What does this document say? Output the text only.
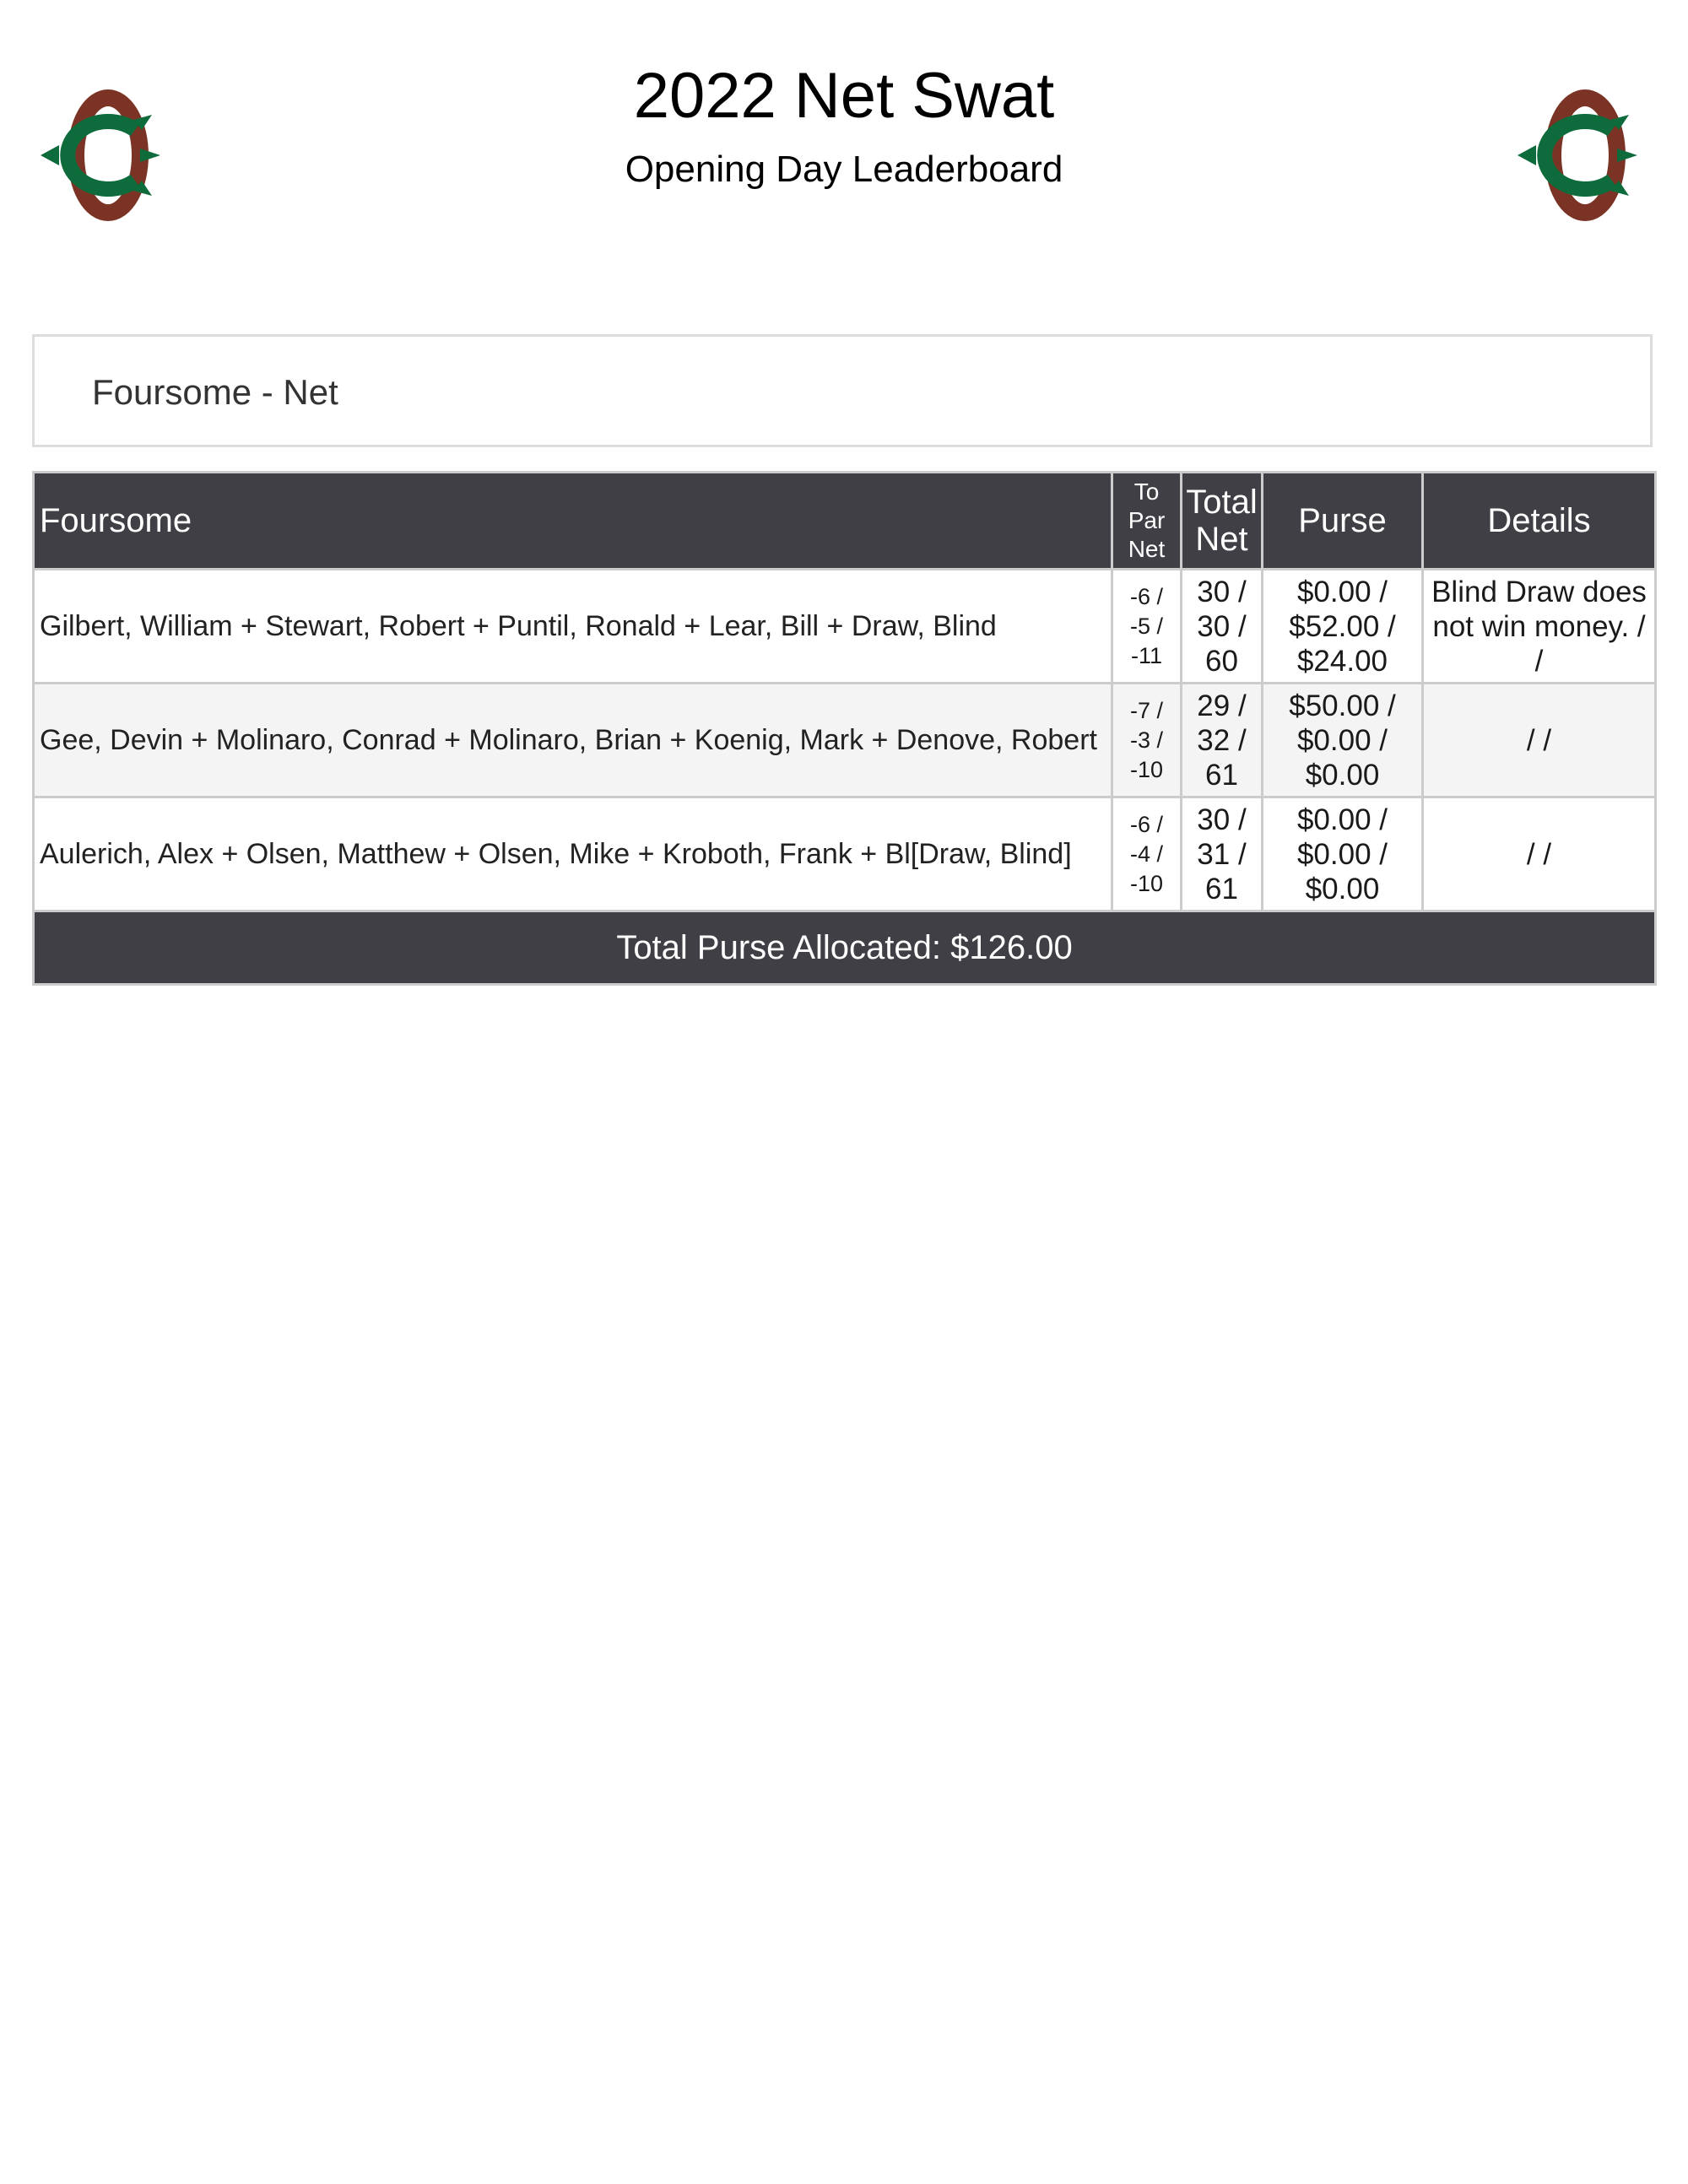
2022 Net Swat
Opening Day Leaderboard
Foursome - Net
Foursome	To
Par
Net	Total
Net	Purse	Details
Gilbert, William + Stewart, Robert + Puntil, Ronald + Lear, Bill + Draw, Blind	-6 /
-5 /
-11	30 /
30 /
60	$0.00 /
$52.00 /
$24.00	Blind Draw does
not win money. /
/

Gee, Devin + Molinaro, Conrad + Molinaro, Brian + Koenig, Mark + Denove, Robert	-7 /
-3 /
-10	29 /
32 /
61	$50.00 /
$0.00 /
$0.00	/ /
Aulerich, Alex + Olsen, Matthew + Olsen, Mike + Kroboth, Frank + Bl[Draw, Blind]	-6 /
-4 /
-10	30 /
31 /
61	$0.00 /
$0.00 /
$0.00	/ /
Total Purse Allocated: $126.00				
